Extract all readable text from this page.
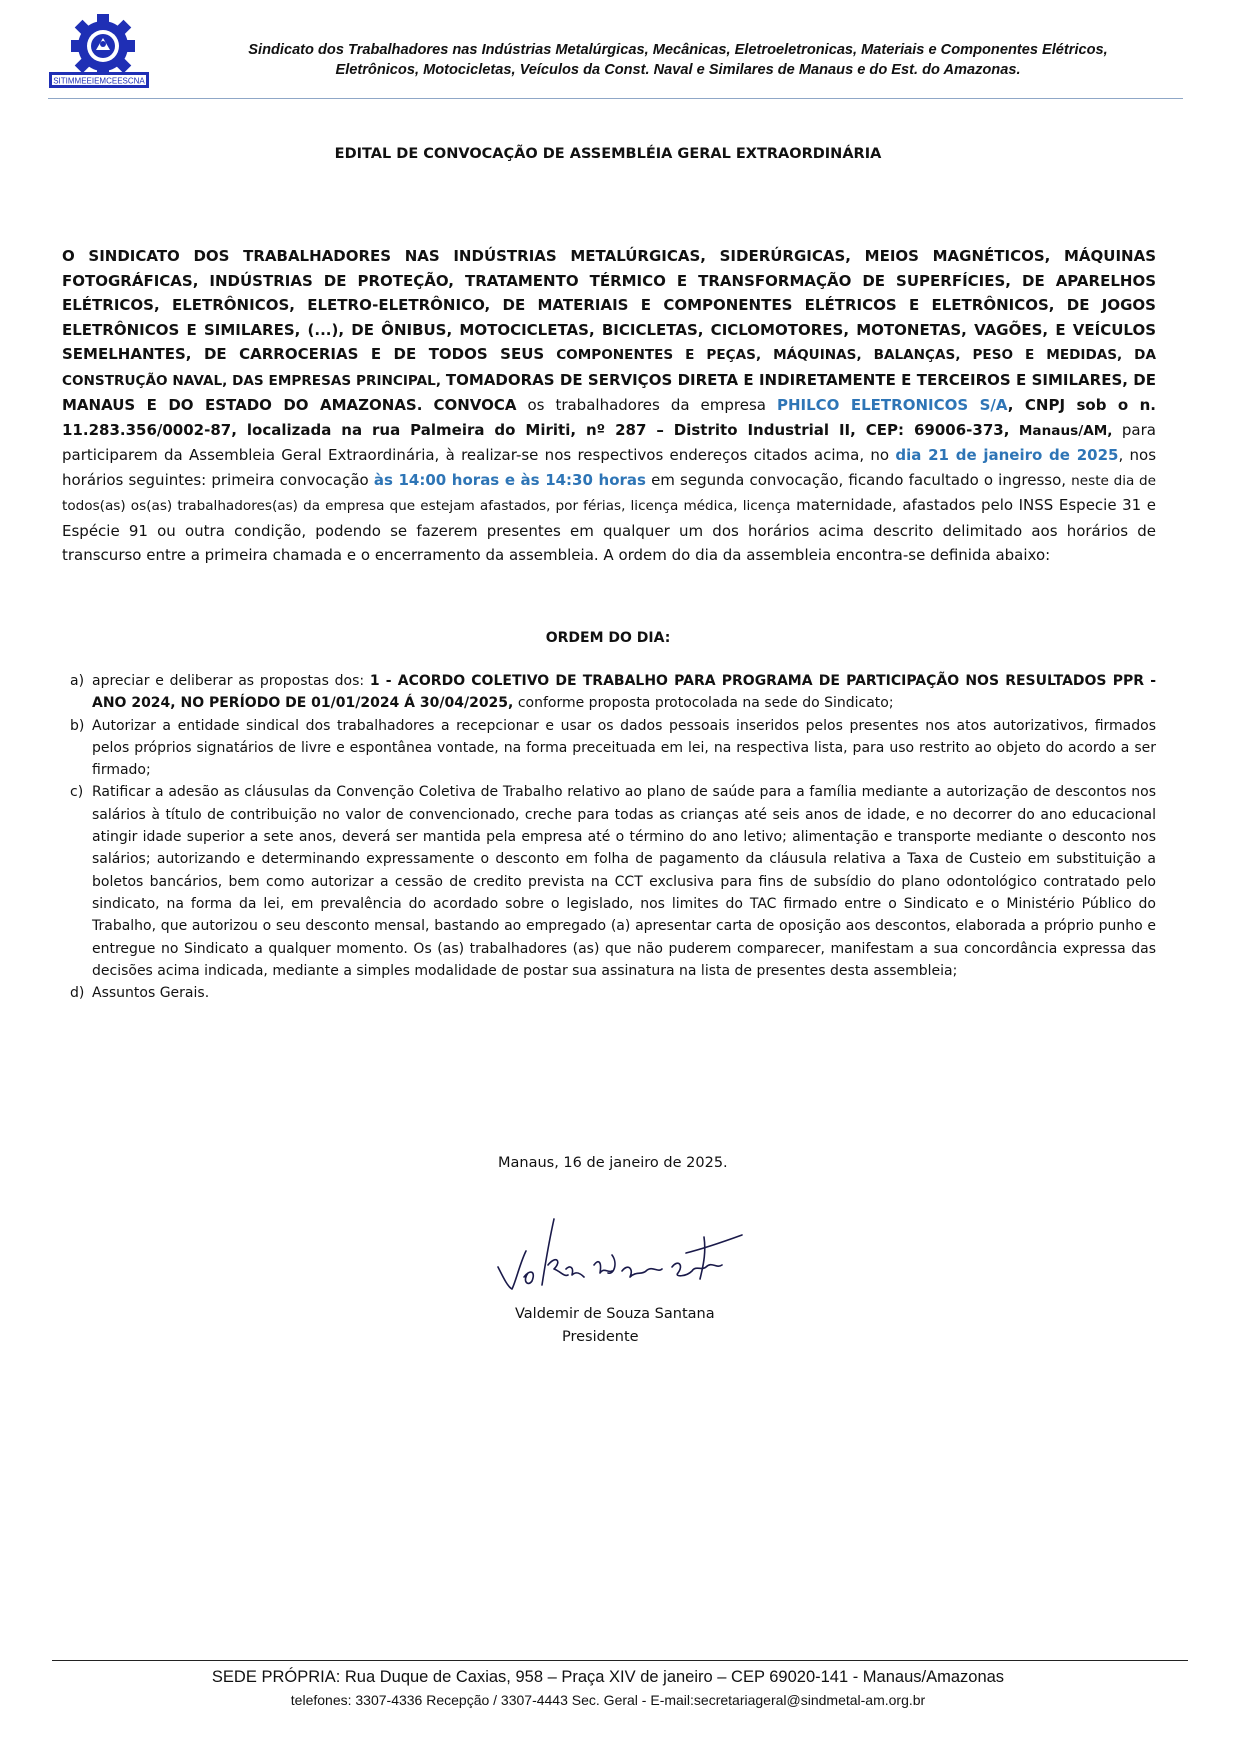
SITIMMEEIEMCEESCNA
Sindicato dos Trabalhadores nas Indústrias Metalúrgicas, Mecânicas, Eletroeletronicas, Materiais e Componentes Elétricos,
Eletrônicos, Motocicletas, Veículos da Const. Naval e Similares de Manaus e do Est. do Amazonas.
EDITAL DE CONVOCAÇÃO DE ASSEMBLÉIA GERAL EXTRAORDINÁRIA
O SINDICATO DOS TRABALHADORES NAS INDÚSTRIAS METALÚRGICAS, SIDERÚRGICAS, MEIOS MAGNÉTICOS, MÁQUINAS FOTOGRÁFICAS, INDÚSTRIAS DE PROTEÇÃO, TRATAMENTO TÉRMICO E TRANSFORMAÇÃO DE SUPERFÍCIES, DE APARELHOS ELÉTRICOS, ELETRÔNICOS, ELETRO-ELETRÔNICO, DE MATERIAIS E COMPONENTES ELÉTRICOS E ELETRÔNICOS, DE JOGOS ELETRÔNICOS E SIMILARES, (...), DE ÔNIBUS, MOTOCICLETAS, BICICLETAS, CICLOMOTORES, MOTONETAS, VAGÕES, E VEÍCULOS SEMELHANTES, DE CARROCERIAS E DE TODOS SEUS COMPONENTES E PEÇAS, MÁQUINAS, BALANÇAS, PESO E MEDIDAS, DA CONSTRUÇÃO NAVAL, DAS EMPRESAS PRINCIPAL, TOMADORAS DE SERVIÇOS DIRETA E INDIRETAMENTE E TERCEIROS E SIMILARES, DE MANAUS E DO ESTADO DO AMAZONAS. CONVOCA os trabalhadores da empresa PHILCO ELETRONICOS S/A, CNPJ sob o n. 11.283.356/0002-87, localizada na rua Palmeira do Miriti, nº 287 – Distrito Industrial II, CEP: 69006-373, Manaus/AM, para participarem da Assembleia Geral Extraordinária, à realizar-se nos respectivos endereços citados acima, no dia 21 de janeiro de 2025, nos horários seguintes: primeira convocação às 14:00 horas e às 14:30 horas em segunda convocação, ficando facultado o ingresso, neste dia de todos(as) os(as) trabalhadores(as) da empresa que estejam afastados, por férias, licença médica, licença maternidade, afastados pelo INSS Especie 31 e Espécie 91 ou outra condição, podendo se fazerem presentes em qualquer um dos horários acima descrito delimitado aos horários de transcurso entre a primeira chamada e o encerramento da assembleia. A ordem do dia da assembleia encontra-se definida abaixo:
ORDEM DO DIA:
a) apreciar e deliberar as propostas dos: 1 - ACORDO COLETIVO DE TRABALHO PARA PROGRAMA DE PARTICIPAÇÃO NOS RESULTADOS PPR - ANO 2024, NO PERÍODO DE 01/01/2024 Á 30/04/2025, conforme proposta protocolada na sede do Sindicato;
b) Autorizar a entidade sindical dos trabalhadores a recepcionar e usar os dados pessoais inseridos pelos presentes nos atos autorizativos, firmados pelos próprios signatários de livre e espontânea vontade, na forma preceituada em lei, na respectiva lista, para uso restrito ao objeto do acordo a ser firmado;
c) Ratificar a adesão as cláusulas da Convenção Coletiva de Trabalho relativo ao plano de saúde para a família mediante a autorização de descontos nos salários à título de contribuição no valor de convencionado, creche para todas as crianças até seis anos de idade, e no decorrer do ano educacional atingir idade superior a sete anos, deverá ser mantida pela empresa até o término do ano letivo; alimentação e transporte mediante o desconto nos salários; autorizando e determinando expressamente o desconto em folha de pagamento da cláusula relativa a Taxa de Custeio em substituição a boletos bancários, bem como autorizar a cessão de credito prevista na CCT exclusiva para fins de subsídio do plano odontológico contratado pelo sindicato, na forma da lei, em prevalência do acordado sobre o legislado, nos limites do TAC firmado entre o Sindicato e o Ministério Público do Trabalho, que autorizou o seu desconto mensal, bastando ao empregado (a) apresentar carta de oposição aos descontos, elaborada a próprio punho e entregue no Sindicato a qualquer momento. Os (as) trabalhadores (as) que não puderem comparecer, manifestam a sua concordância expressa das decisões acima indicada, mediante a simples modalidade de postar sua assinatura na lista de presentes desta assembleia;
d) Assuntos Gerais.
Manaus, 16 de janeiro de 2025.
Valdemir de Souza Santana
Presidente
SEDE PRÓPRIA: Rua Duque de Caxias, 958 – Praça XIV de janeiro – CEP 69020-141 - Manaus/Amazonas
telefones: 3307-4336 Recepção / 3307-4443 Sec. Geral - E-mail:secretariageral@sindmetal-am.org.br
